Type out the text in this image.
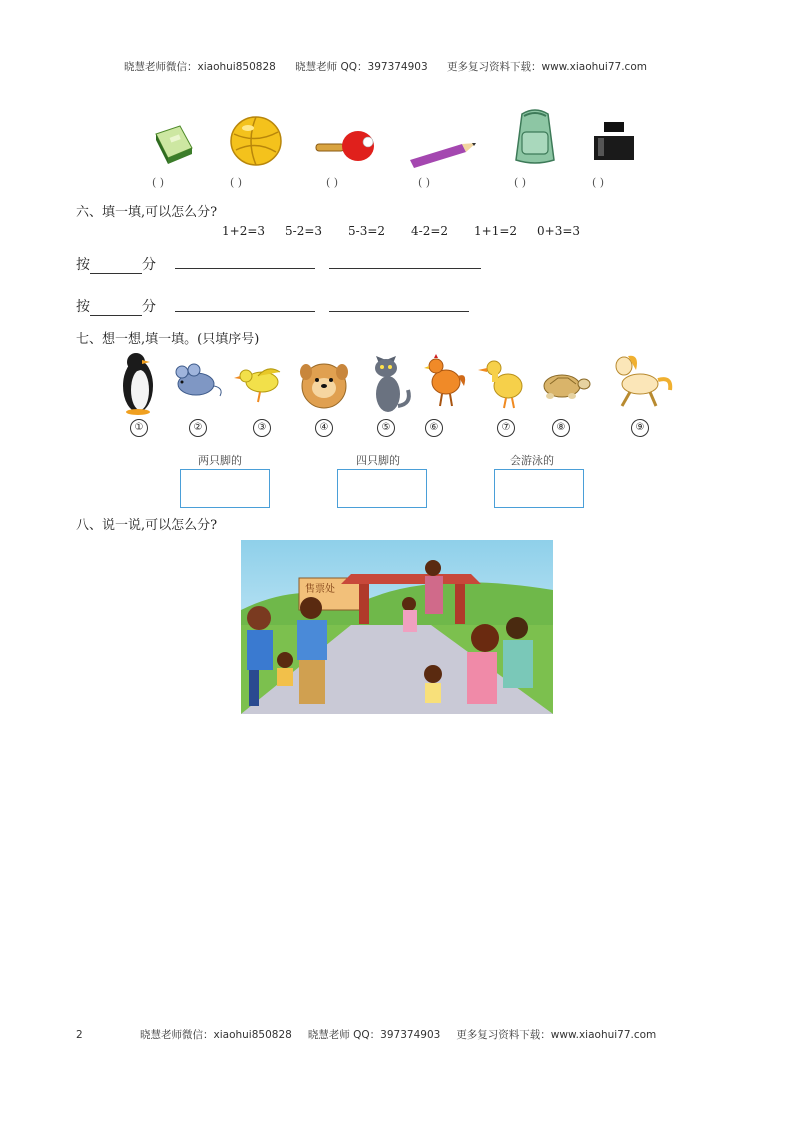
晓慧老师微信：xiaohui850828 晓慧老师 QQ：397374903 更多复习资料下载：www.xiaohui77.com
( )	( )	( )	( )	( )	( )
六、填一填,可以怎么分?
1+2=3 5-2=3 5-3=2 4-2=2 1+1=2 0+3=3
按	分
按	分
七、想一想,填一填。(只填序号)
①	②	③	④	⑤	⑥	⑦	⑧	⑨
两只脚的	四只脚的	会游泳的
八、说一说,可以怎么分?
售票处
2	晓慧老师微信：xiaohui850828 晓慧老师 QQ：397374903 更多复习资料下载：www.xiaohui77.com
